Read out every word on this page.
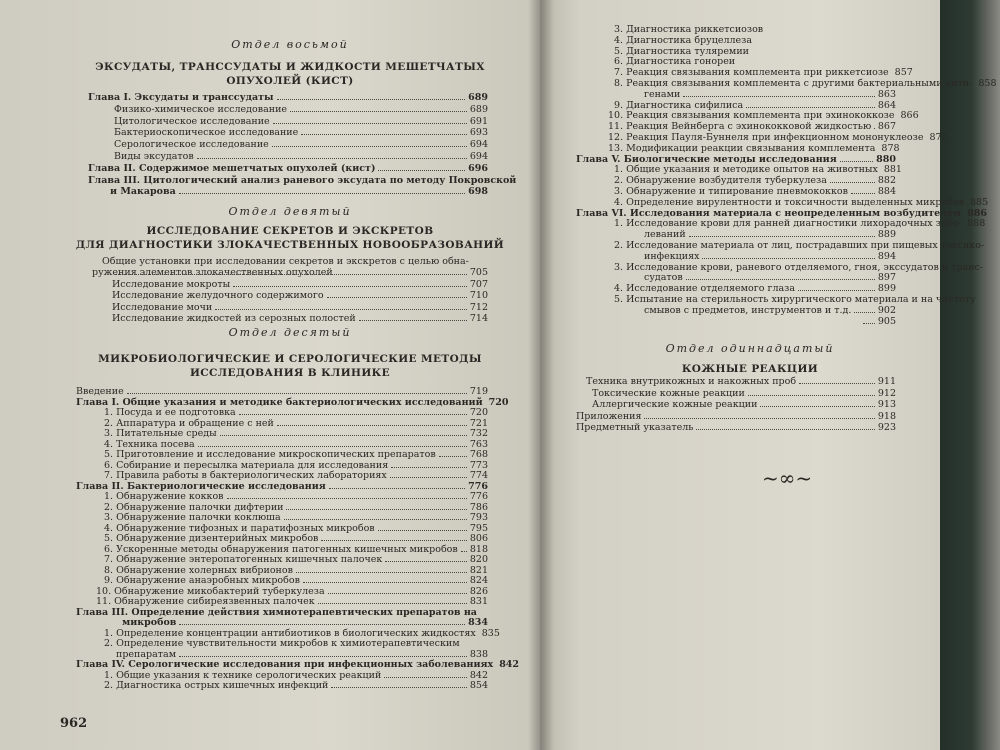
Отдел восьмой
ЭКСУДАТЫ, ТРАНССУДАТЫ И ЖИДКОСТИ МЕШЕТЧАТЫХ
ОПУХОЛЕЙ (КИСТ)
Глава I. Эксудаты и транссудаты	689
Физико-химическое исследование	689
Цитологическое исследование	691
Бактериоскопическое исследование	693
Серологическое исследование	694
Виды эксудатов	694
Глава II. Содержимое мешетчатых опухолей (кист)	696
Глава III. Цитологический анализ раневого эксудата по методу Покровской
и Макарова	698
Отдел девятый
ИССЛЕДОВАНИЕ СЕКРЕТОВ И ЭКСКРЕТОВ
ДЛЯ ДИАГНОСТИКИ ЗЛОКАЧЕСТВЕННЫХ НОВООБРАЗОВАНИЙ
Общие установки при исследовании секретов и экскретов с целью обна-
ружения элементов злокачественных опухолей	705
Исследование мокроты	707
Исследование желудочного содержимого	710
Исследование мочи	712
Исследование жидкостей из серозных полостей	714
Отдел десятый
МИКРОБИОЛОГИЧЕСКИЕ И СЕРОЛОГИЧЕСКИЕ МЕТОДЫ
ИССЛЕДОВАНИЯ В КЛИНИКЕ
Введение	719
Глава I. Общие указания и методике бактериологических исследований 720
1. Посуда и ее подготовка	720
2. Аппаратура и обращение с ней	721
3. Питательные среды	732
4. Техника посева	763
5. Приготовление и исследование микроскопических препаратов	768
6. Собирание и пересылка материала для исследования	773
7. Правила работы в бактериологических лабораториях	774
Глава II. Бактериологические исследования	776
1. Обнаружение кокков	776
2. Обнаружение палочки дифтерии	786
3. Обнаружение палочки коклюша	793
4. Обнаружение тифозных и паратифозных микробов	795
5. Обнаружение дизентерийных микробов	806
6. Ускоренные методы обнаружения патогенных кишечных микробов 818
7. Обнаружение энтеропатогенных кишечных палочек	820
8. Обнаружение холерных вибрионов	821
9. Обнаружение анаэробных микробов	824
10. Обнаружение микобактерий туберкулеза	826
11. Обнаружение сибиреязвенных палочек	831
Глава III. Определение действия химиотерапевтических препаратов на
микробов	834
1. Определение концентрации антибиотиков в биологических жидкостях 835
2. Определение чувствительности микробов к химиотерапевтическим
препаратам	838
Глава IV. Серологические исследования при инфекционных заболеваниях 842
1. Общие указания к технике серологических реакций	842
2. Диагностика острых кишечных инфекций	854
962
3. Диагностика риккетсиозов
4. Диагностика бруцеллеза
5. Диагностика туляремии
6. Диагностика гонореи
7. Реакция связывания комплемента при риккетсиозе 857
8. Реакция связывания комплемента с другими бактериальными анти- 858
генами	863
9. Диагностика сифилиса	864
10. Реакция связывания комплемента при эхинококкозе 866
11. Реакция Вейнберга с эхинококковой жидкостью 867
12. Реакция Пауля-Буннеля при инфекционном мононуклеозе 872
13. Модификации реакции связывания комплемента 878
Глава V. Биологические методы исследования	880
1. Общие указания и методике опытов на животных 881
2. Обнаружение возбудителя туберкулеза	882
3. Обнаружение и типирование пневмококков	884
4. Определение вирулентности и токсичности выделенных микробов 885
Глава VI. Исследования материала с неопределенным возбудителем 886
1. Исследование крови для ранней диагностики лихорадочных забо- 888
леваний	889
2. Исследование материала от лиц, пострадавших при пищевых токсико-
инфекциях	894
3. Исследование крови, раневого отделяемого, гноя, экссудатов и транс-
судатов	897
4. Исследование отделяемого глаза	899
5. Испытание на стерильность хирургического материала и на чистоту
смывов с предметов, инструментов и т.д.	902
905
Отдел одиннадцатый
КОЖНЫЕ РЕАКЦИИ
Техника внутрикожных и накожных проб	911
Токсические кожные реакции	912
Аллергические кожные реакции	913
Приложения	918
Предметный указатель	923
~∞~
